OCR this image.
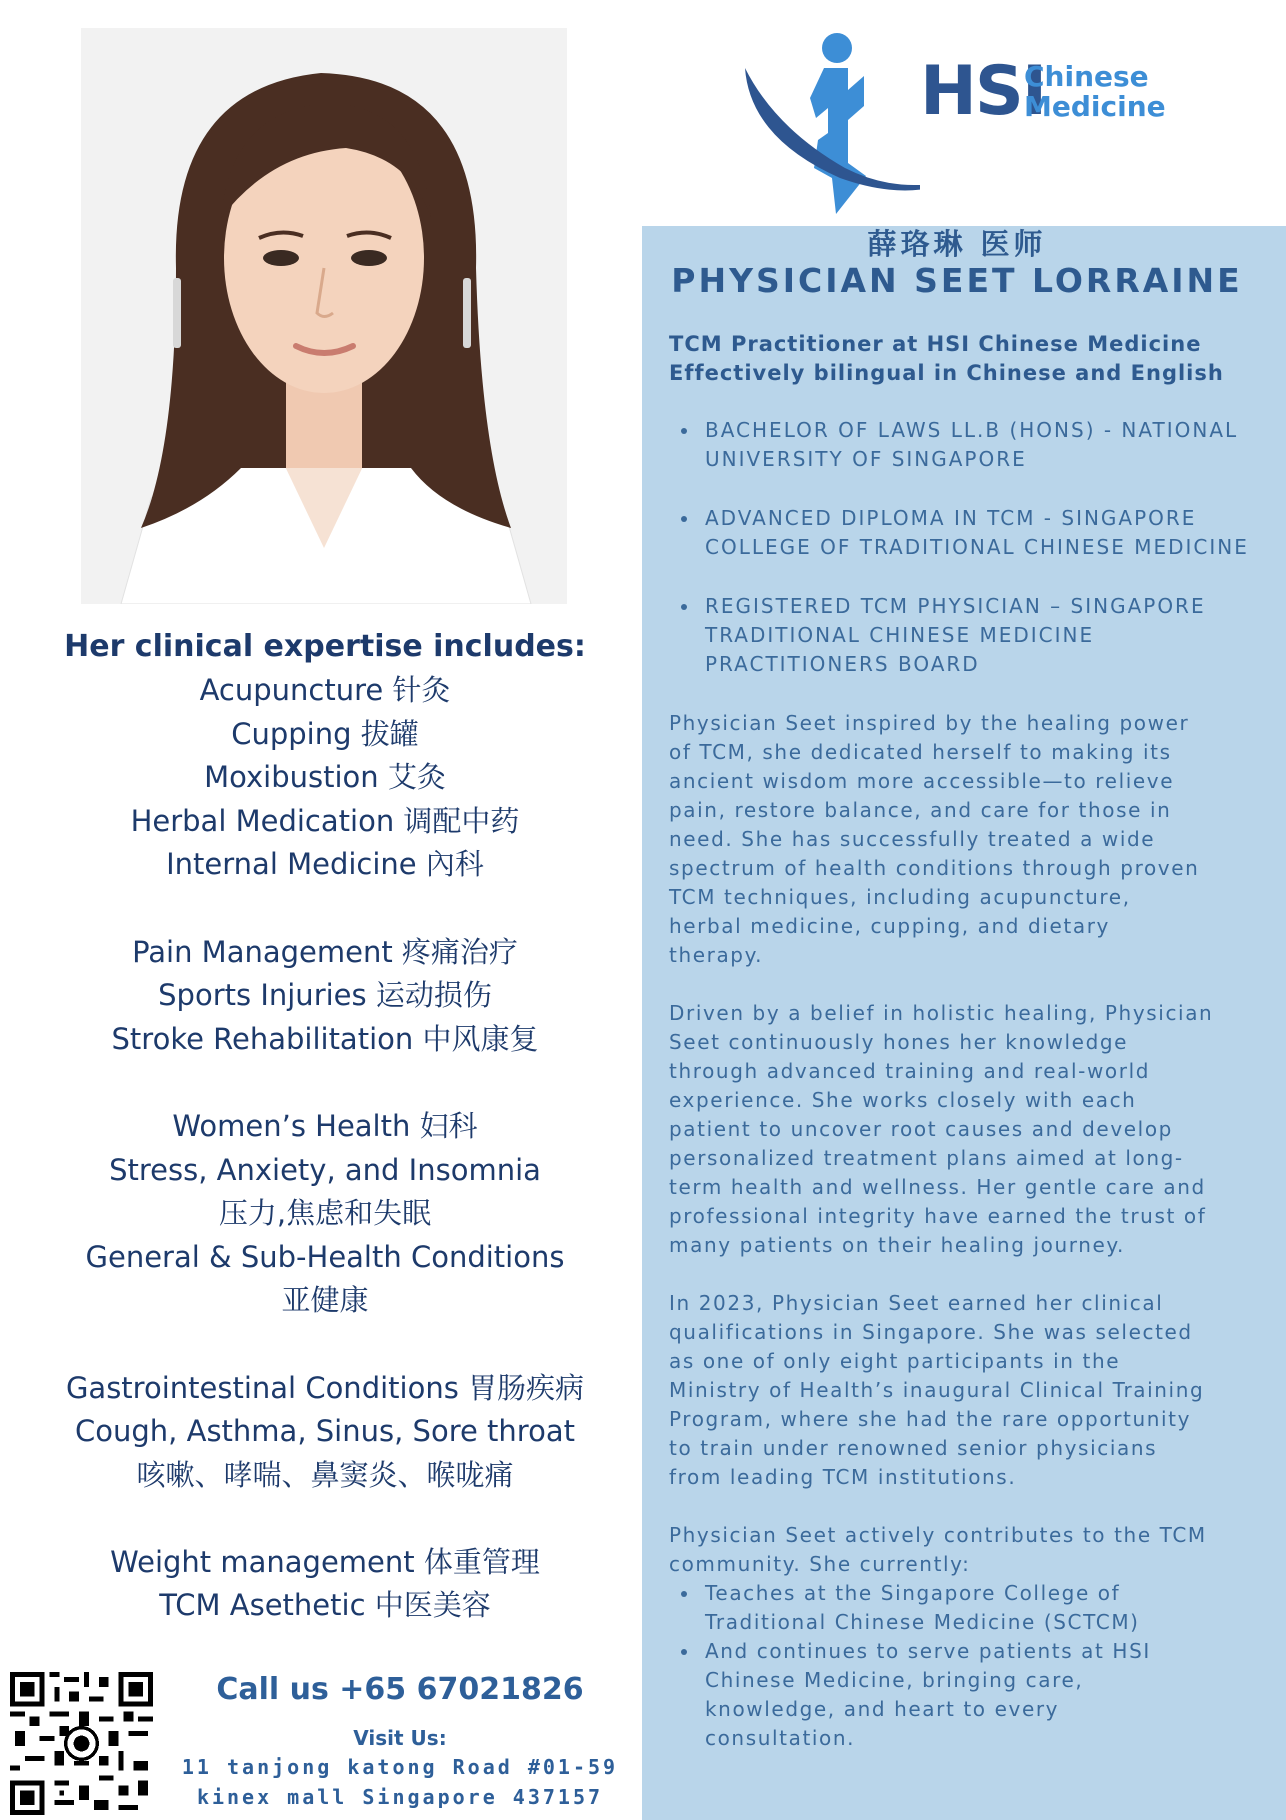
Her clinical expertise includes:
Acupuncture 针灸
Cupping 拔罐
Moxibustion 艾灸
Herbal Medication 调配中药
Internal Medicine 內科
Pain Management 疼痛治疗
Sports Injuries 运动损伤
Stroke Rehabilitation 中风康复
Women’s Health 妇科
Stress, Anxiety, and Insomnia
压力,焦虑和失眠
General & Sub-Health Conditions
亚健康
Gastrointestinal Conditions 胃肠疾病
Cough, Asthma, Sinus, Sore throat
咳嗽、哮喘、鼻窦炎、喉咙痛
Weight management 体重管理
TCM Asethetic 中医美容
Call us +65 67021826
Visit Us:
11 tanjong katong Road #01-59
kinex mall Singapore 437157
HSI
Chinese
Medicine
薛珞琳 医师
PHYSICIAN SEET LORRAINE
TCM Practitioner at HSI Chinese Medicine
Effectively bilingual in Chinese and English
BACHELOR OF LAWS LL.B (HONS) - NATIONAL UNIVERSITY OF SINGAPORE
ADVANCED DIPLOMA IN TCM - SINGAPORE COLLEGE OF TRADITIONAL CHINESE MEDICINE
REGISTERED TCM PHYSICIAN – SINGAPORE TRADITIONAL CHINESE MEDICINE PRACTITIONERS BOARD

Physician Seet inspired by the healing power
of TCM, she dedicated herself to making its
ancient wisdom more accessible—to relieve
pain, restore balance, and care for those in
need. She has successfully treated a wide
spectrum of health conditions through proven
TCM techniques, including acupuncture,
herbal medicine, cupping, and dietary
therapy.

Driven by a belief in holistic healing, Physician
Seet continuously hones her knowledge
through advanced training and real-world
experience. She works closely with each
patient to uncover root causes and develop
personalized treatment plans aimed at long-
term health and wellness. Her gentle care and
professional integrity have earned the trust of
many patients on their healing journey.

In 2023, Physician Seet earned her clinical
qualifications in Singapore. She was selected
as one of only eight participants in the
Ministry of Health’s inaugural Clinical Training
Program, where she had the rare opportunity
to train under renowned senior physicians
from leading TCM institutions.

Physician Seet actively contributes to the TCM
community. She currently:

Teaches at the Singapore College of
Traditional Chinese Medicine (SCTCM)
And continues to serve patients at HSI
Chinese Medicine, bringing care,
knowledge, and heart to every
consultation.
